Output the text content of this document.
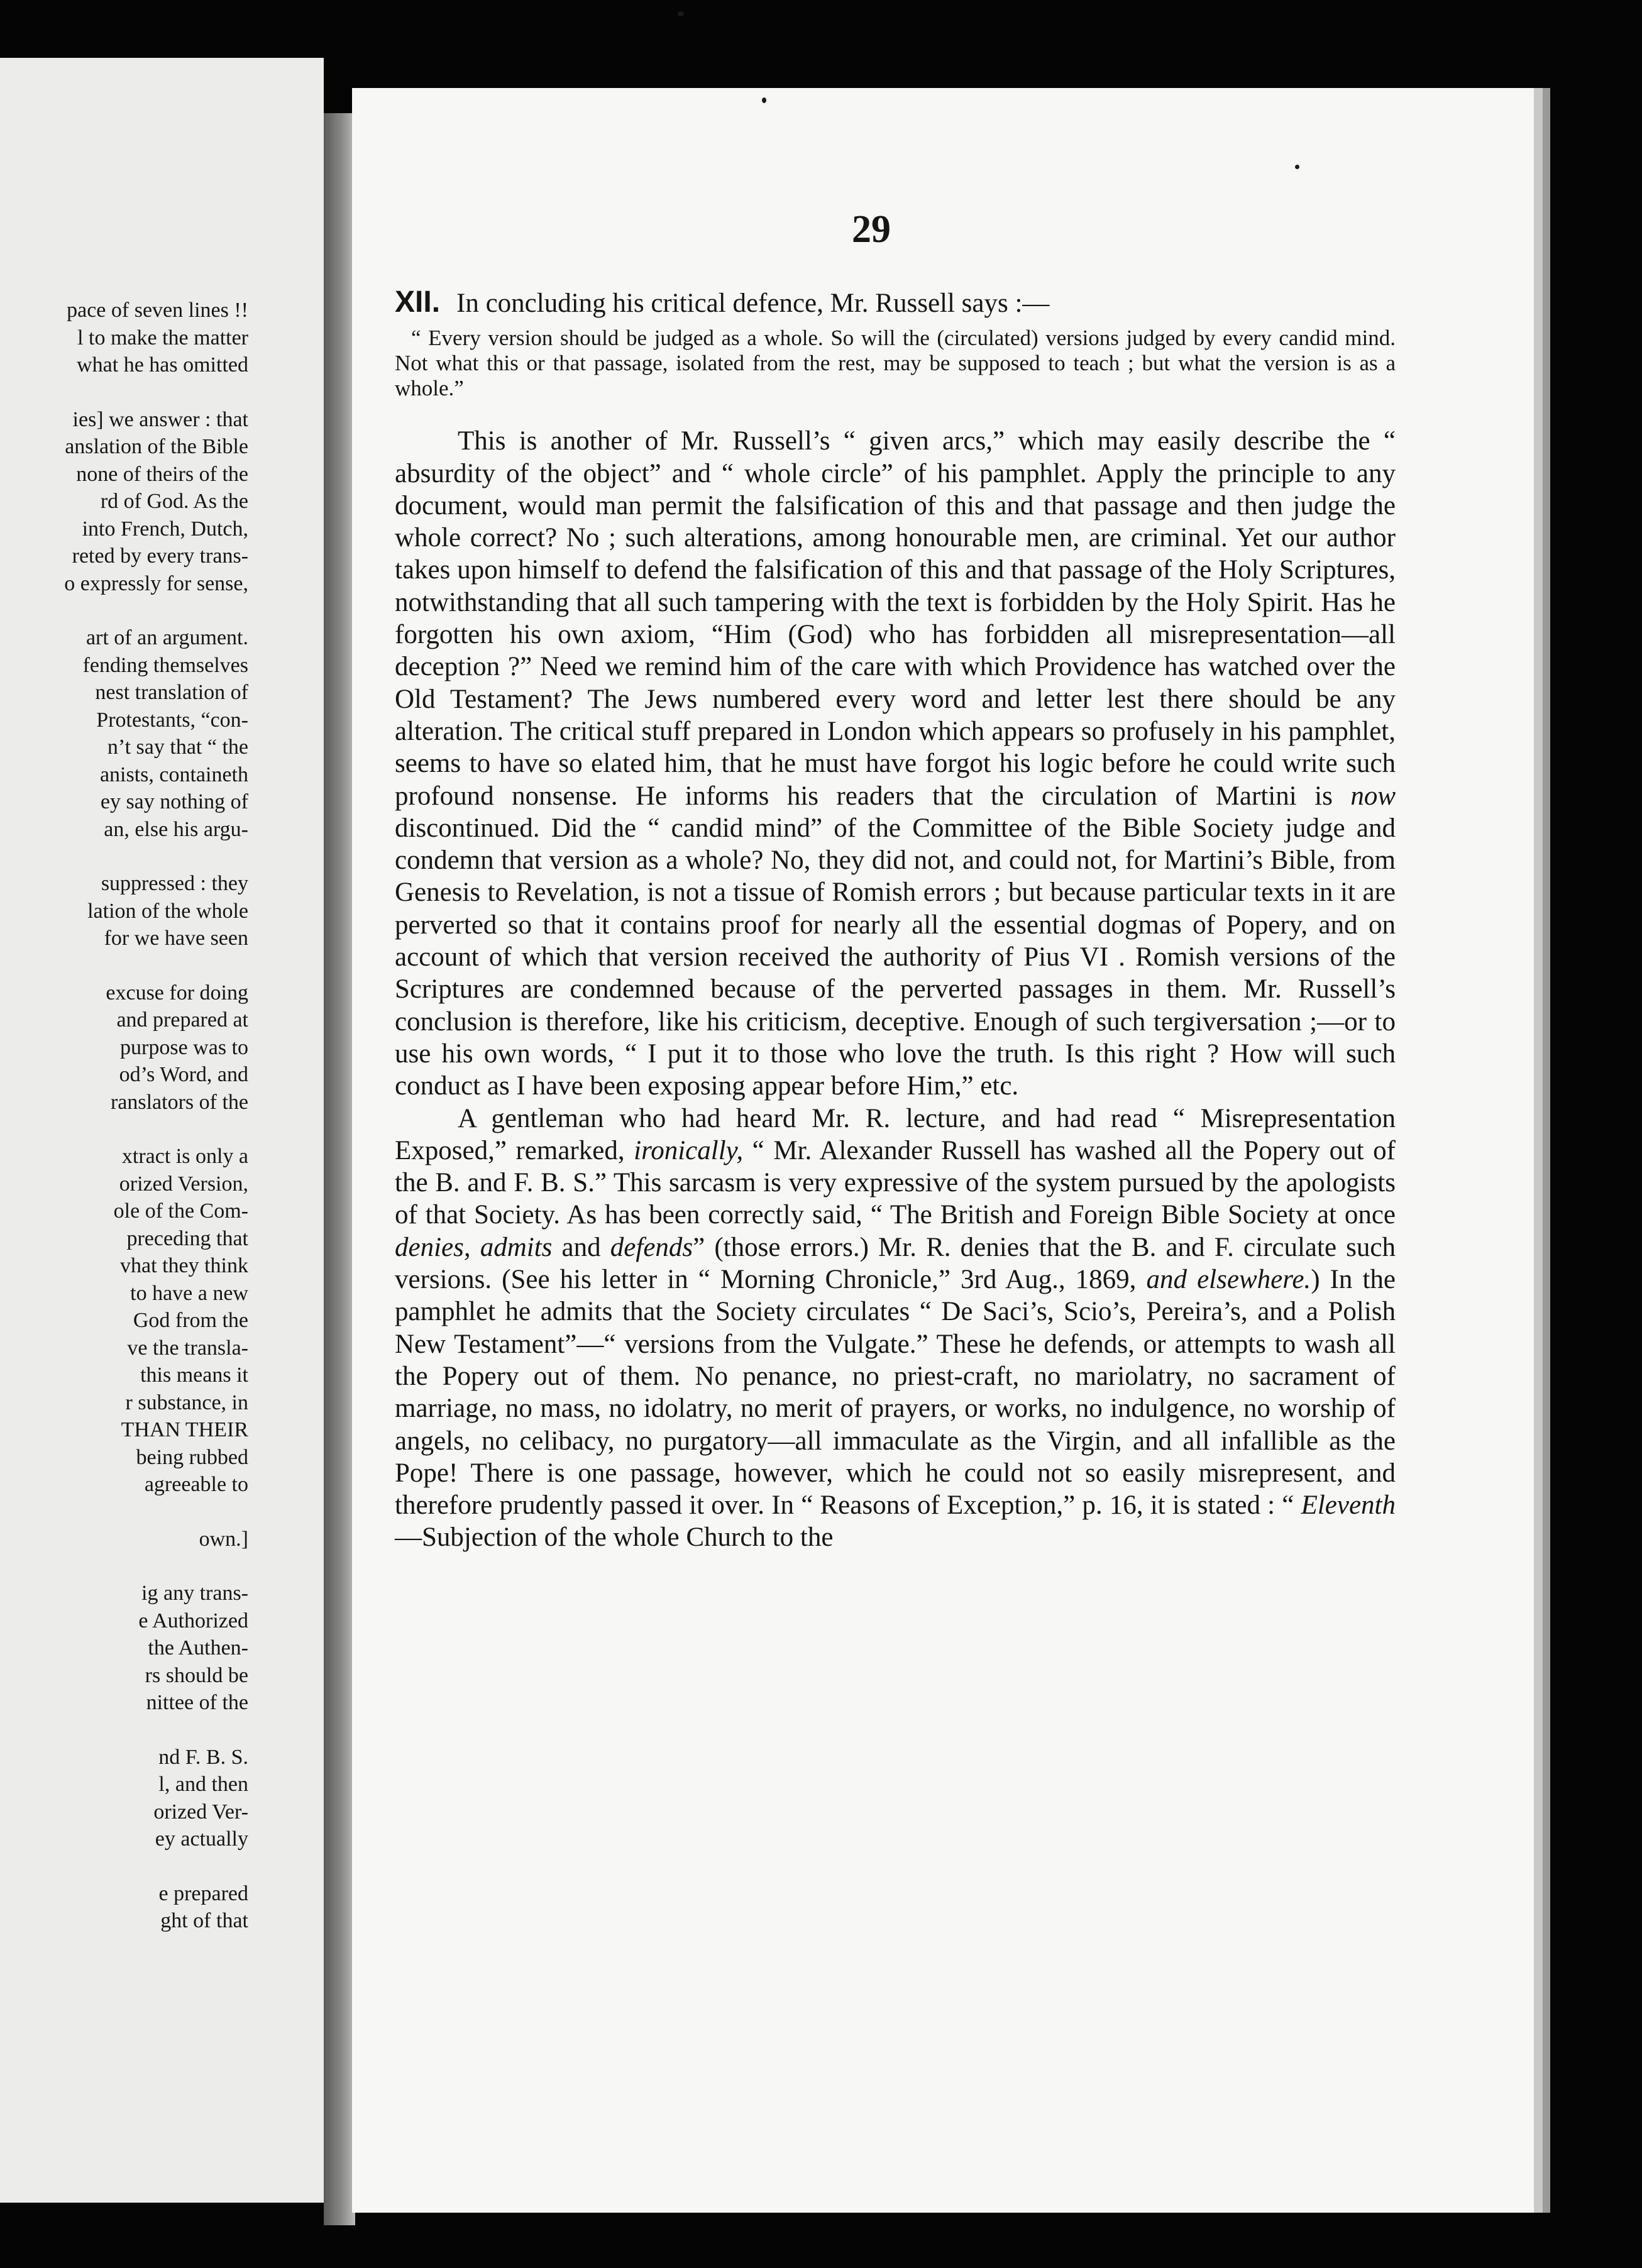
pace of seven lines !!
l to make the matter
what he has omitted

ies] we answer : that
anslation of the Bible
none of theirs of the
rd of God. As the
into French, Dutch,
reted by every trans-
o expressly for sense,

art of an argument.
fending themselves
nest translation of
Protestants, “con-
n’t say that “ the
anists, containeth
ey say nothing of
an, else his argu-

suppressed : they
lation of the whole
for we have seen

excuse for doing
and prepared at
purpose was to
od’s Word, and
ranslators of the

xtract is only a
orized Version,
ole of the Com-
preceding that
vhat they think
to have a new
God from the
ve the transla-
this means it
r substance, in
THAN THEIR
being rubbed
agreeable to

own.]

ig any trans-
e Authorized
the Authen-
rs should be
nittee of the

nd F. B. S.
l, and then
orized Ver-
ey actually

e prepared
ght of that

29

XII. In concluding his critical defence, Mr. Russell says :—

“ Every version should be judged as a whole. So will the (circulated) versions judged by every candid mind. Not what this or that passage, isolated from the rest, may be supposed to teach ; but what the version is as a whole.”

This is another of Mr. Russell’s “ given arcs,” which may easily describe the “ absurdity of the object” and “ whole circle” of his pamphlet. Apply the principle to any document, would man permit the falsification of this and that passage and then judge the whole correct? No ; such alterations, among honourable men, are criminal. Yet our author takes upon himself to defend the falsification of this and that passage of the Holy Scriptures, notwithstanding that all such tampering with the text is forbidden by the Holy Spirit. Has he forgotten his own axiom, “Him (God) who has forbidden all misrepresentation—all deception ?” Need we remind him of the care with which Providence has watched over the Old Testament? The Jews numbered every word and letter lest there should be any alteration. The critical stuff prepared in London which appears so profusely in his pamphlet, seems to have so elated him, that he must have forgot his logic before he could write such profound nonsense. He informs his readers that the circulation of Martini is now discontinued. Did the “ candid mind” of the Committee of the Bible Society judge and condemn that version as a whole? No, they did not, and could not, for Martini’s Bible, from Genesis to Revelation, is not a tissue of Romish errors ; but because particular texts in it are perverted so that it contains proof for nearly all the essential dogmas of Popery, and on account of which that version received the authority of Pius VI . Romish versions of the Scriptures are condemned because of the perverted passages in them. Mr. Russell’s conclusion is therefore, like his criticism, deceptive. Enough of such tergiversation ;—or to use his own words, “ I put it to those who love the truth. Is this right ? How will such conduct as I have been exposing appear before Him,” etc.

A gentleman who had heard Mr. R. lecture, and had read “ Misrepresentation Exposed,” remarked, ironically, “ Mr. Alexander Russell has washed all the Popery out of the B. and F. B. S.” This sarcasm is very expressive of the system pursued by the apologists of that Society. As has been correctly said, “ The British and Foreign Bible Society at once denies, admits and defends” (those errors.) Mr. R. denies that the B. and F. circulate such versions. (See his letter in “ Morning Chronicle,” 3rd Aug., 1869, and elsewhere.) In the pamphlet he admits that the Society circulates “ De Saci’s, Scio’s, Pereira’s, and a Polish New Testament”—“ versions from the Vulgate.” These he defends, or attempts to wash all the Popery out of them. No penance, no priest-craft, no mariolatry, no sacrament of marriage, no mass, no idolatry, no merit of prayers, or works, no indulgence, no worship of angels, no celibacy, no purgatory—all immaculate as the Virgin, and all infallible as the Pope! There is one passage, however, which he could not so easily misrepresent, and therefore prudently passed it over. In “ Reasons of Exception,” p. 16, it is stated : “ Eleventh—Subjection of the whole Church to the
